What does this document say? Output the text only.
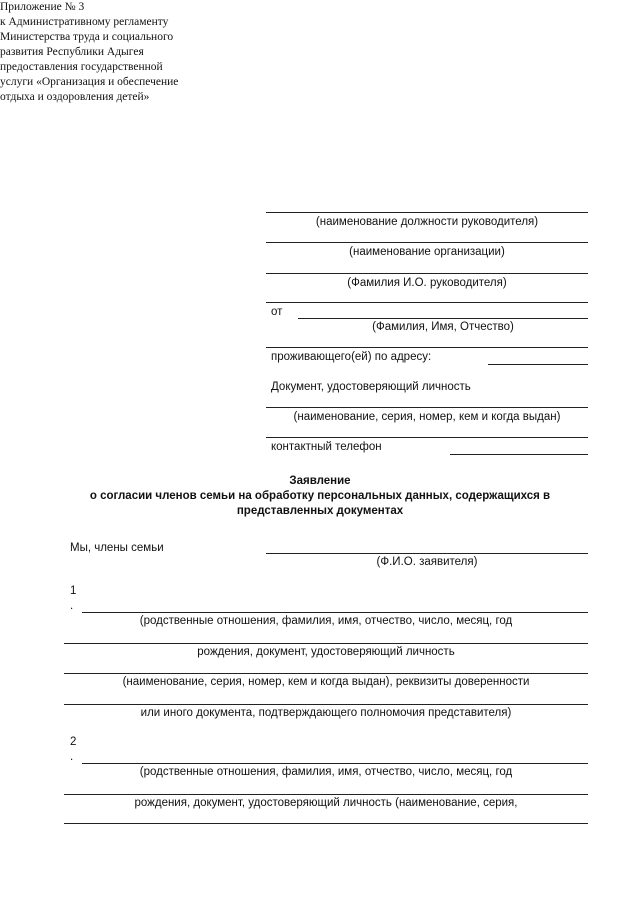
Приложение № 3
к Административному регламенту
Министерства труда и социального
развития Республики Адыгея
предоставления государственной
услуги «Организация и обеспечение
отдыха и оздоровления детей»
(наименование должности руководителя)
(наименование организации)
(Фамилия И.О. руководителя)
от
(Фамилия, Имя, Отчество)
проживающего(ей) по адресу:
Документ, удостоверяющий личность
(наименование, серия, номер, кем и когда выдан)
контактный телефон
Заявление
о согласии членов семьи на обработку персональных данных, содержащихся в
представленных документах
Мы, члены семьи
(Ф.И.О. заявителя)
1
.
(родственные отношения, фамилия, имя, отчество, число, месяц, год
рождения, документ, удостоверяющий личность
(наименование, серия, номер, кем и когда выдан), реквизиты доверенности
или иного документа, подтверждающего полномочия представителя)
2
.
(родственные отношения, фамилия, имя, отчество, число, месяц, год
рождения, документ, удостоверяющий личность (наименование, серия,
